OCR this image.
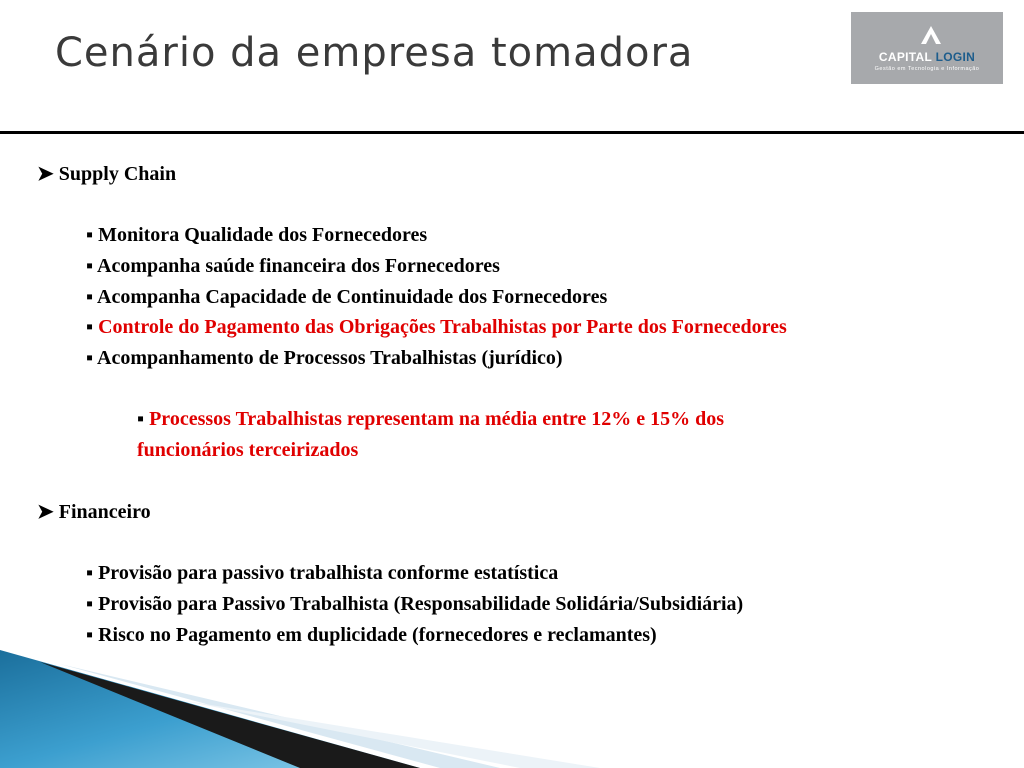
Cenário da empresa tomadora	CAPITAL LOGIN
Gestão em Tecnologia e Informação
➤ Supply Chain
▪ Monitora Qualidade dos Fornecedores
▪ Acompanha saúde financeira dos Fornecedores
▪ Acompanha Capacidade de Continuidade dos Fornecedores
▪ Controle do Pagamento das Obrigações Trabalhistas por Parte dos Fornecedores
▪ Acompanhamento de Processos Trabalhistas (jurídico)
▪ Processos Trabalhistas representam na média entre 12% e 15% dos
funcionários terceirizados
➤ Financeiro
▪ Provisão para passivo trabalhista conforme estatística
▪ Provisão para Passivo Trabalhista (Responsabilidade Solidária/Subsidiária)
▪ Risco no Pagamento em duplicidade (fornecedores e reclamantes)
